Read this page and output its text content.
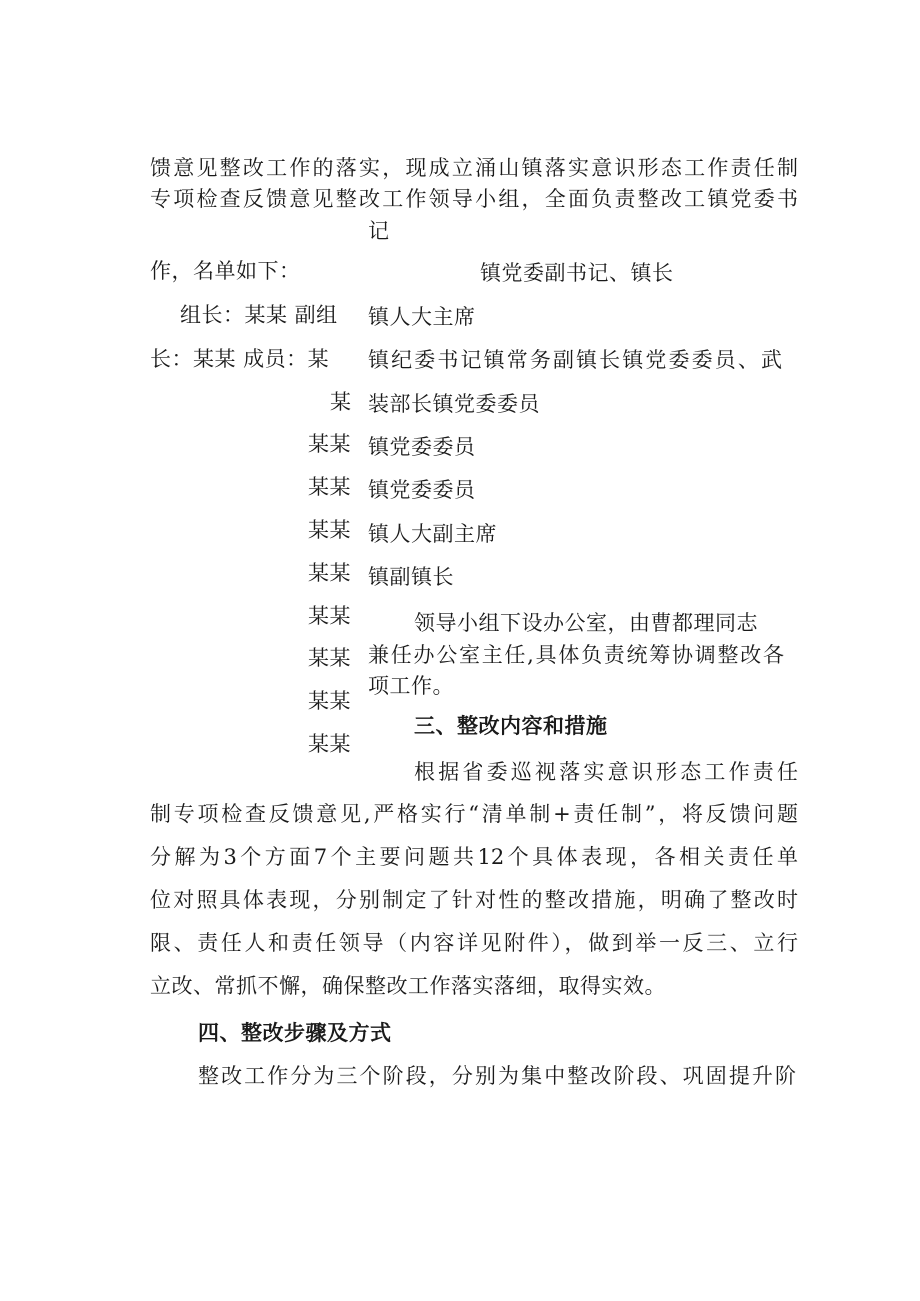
馈意见整改工作的落实，现成立涌山镇落实意识形态工作责任制
专项检查反馈意见整改工作领导小组，全面负责整改工镇党委书
记
作，名单如下：
组长：某某 副组
长：某某 成员：某
某
某某
某某
某某
某某
某某
某某
某某
某某
镇党委副书记、镇长
镇人大主席
镇纪委书记镇常务副镇长镇党委委员、武
装部长镇党委委员
镇党委委员
镇党委委员
镇人大副主席
镇副镇长
领导小组下设办公室，由曹都理同志
兼任办公室主任,具体负责统筹协调整改各
项工作。
三、整改内容和措施
根据省委巡视落实意识形态工作责任
制专项检查反馈意见,严格实行“清单制+责任制”，将反馈问题
分解为3个方面7个主要问题共12个具体表现，各相关责任单
位对照具体表现，分别制定了针对性的整改措施，明确了整改时
限、责任人和责任领导（内容详见附件），做到举一反三、立行
立改、常抓不懈，确保整改工作落实落细，取得实效。
四、整改步骤及方式
整改工作分为三个阶段，分别为集中整改阶段、巩固提升阶
